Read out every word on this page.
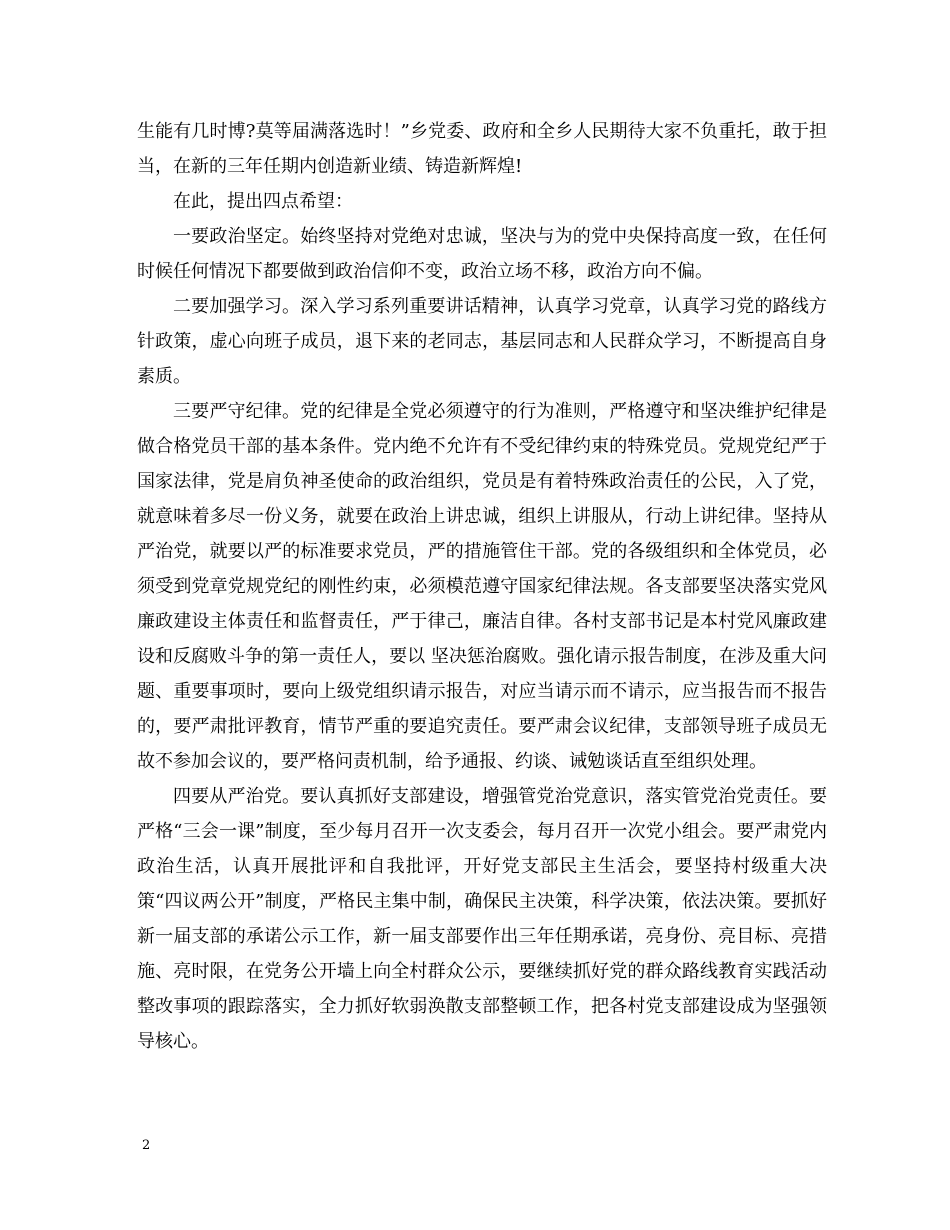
生能有几时博?莫等届满落选时！”乡党委、政府和全乡人民期待大家不负重托，敢于担当，在新的三年任期内创造新业绩、铸造新辉煌!

在此，提出四点希望：

一要政治坚定。始终坚持对党绝对忠诚，坚决与为的党中央保持高度一致，在任何时候任何情况下都要做到政治信仰不变，政治立场不移，政治方向不偏。

二要加强学习。深入学习系列重要讲话精神，认真学习党章，认真学习党的路线方针政策，虚心向班子成员，退下来的老同志，基层同志和人民群众学习，不断提高自身素质。

三要严守纪律。党的纪律是全党必须遵守的行为准则，严格遵守和坚决维护纪律是做合格党员干部的基本条件。党内绝不允许有不受纪律约束的特殊党员。党规党纪严于国家法律，党是肩负神圣使命的政治组织，党员是有着特殊政治责任的公民，入了党，就意味着多尽一份义务，就要在政治上讲忠诚，组织上讲服从，行动上讲纪律。坚持从严治党，就要以严的标准要求党员，严的措施管住干部。党的各级组织和全体党员，必须受到党章党规党纪的刚性约束，必须模范遵守国家纪律法规。各支部要坚决落实党风廉政建设主体责任和监督责任，严于律己，廉洁自律。各村支部书记是本村党风廉政建设和反腐败斗争的第一责任人，要以 坚决惩治腐败。强化请示报告制度，在涉及重大问题、重要事项时，要向上级党组织请示报告，对应当请示而不请示，应当报告而不报告的，要严肃批评教育，情节严重的要追究责任。要严肃会议纪律，支部领导班子成员无故不参加会议的，要严格问责机制，给予通报、约谈、诫勉谈话直至组织处理。

四要从严治党。要认真抓好支部建设，增强管党治党意识，落实管党治党责任。要严格“三会一课”制度，至少每月召开一次支委会，每月召开一次党小组会。要严肃党内政治生活，认真开展批评和自我批评，开好党支部民主生活会，要坚持村级重大决策“四议两公开”制度，严格民主集中制，确保民主决策，科学决策，依法决策。要抓好新一届支部的承诺公示工作，新一届支部要作出三年任期承诺，亮身份、亮目标、亮措施、亮时限，在党务公开墙上向全村群众公示，要继续抓好党的群众路线教育实践活动整改事项的跟踪落实，全力抓好软弱涣散支部整顿工作，把各村党支部建设成为坚强领导核心。

2
